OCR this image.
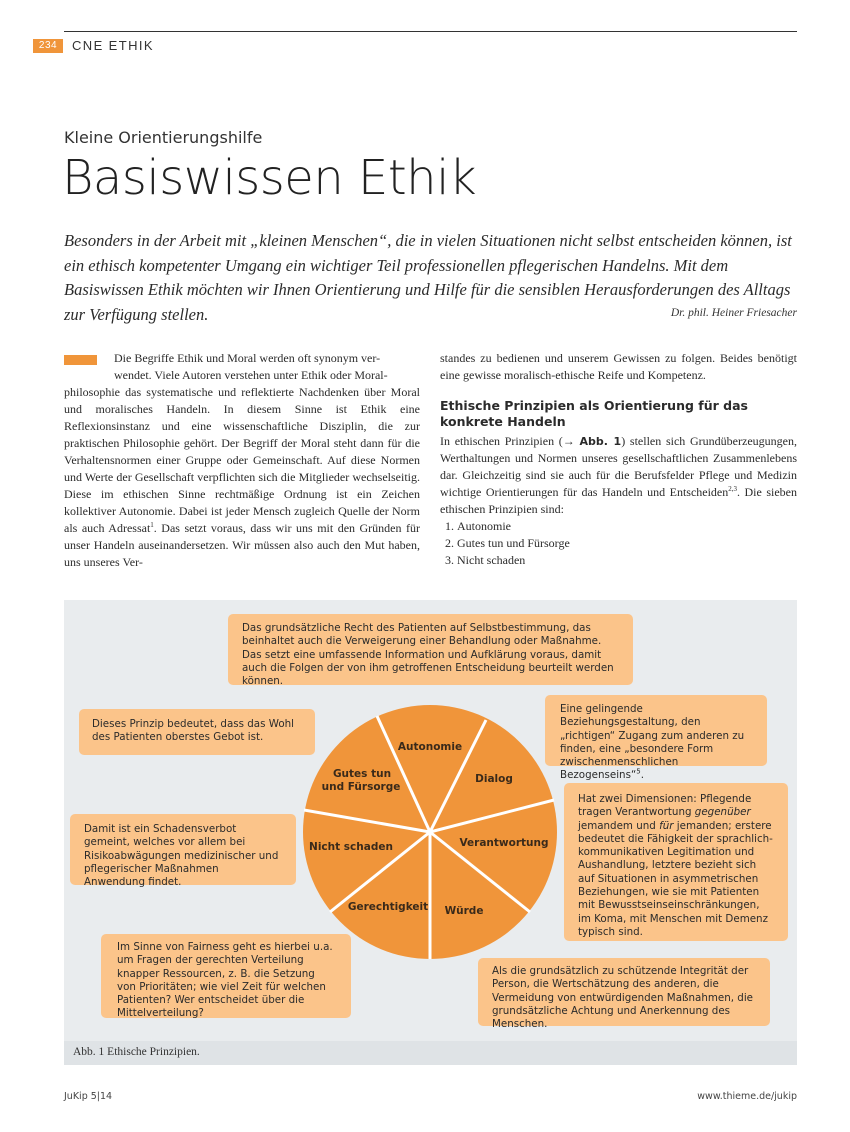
234	CNE ETHIK
Kleine Orientierungshilfe
Basiswissen Ethik
Besonders in der Arbeit mit „kleinen Menschen“, die in vielen Situationen nicht selbst entscheiden können, ist ein ethisch kompetenter Umgang ein wichtiger Teil professionellen pflegerischen Handelns. Mit dem Basiswissen Ethik möchten wir Ihnen Orientierung und Hilfe für die sensiblen Herausforderungen des Alltags zur Verfügung stellen.	Dr. phil. Heiner Friesacher
Die Begriffe Ethik und Moral werden oft synonym ver-
wendet. Viele Autoren verstehen unter Ethik oder Moral-
philosophie das systematische und reflektierte Nachdenken über Moral und moralisches Handeln. In diesem Sinne ist Ethik eine Reflexionsinstanz und eine wissenschaftliche Disziplin, die zur praktischen Philosophie gehört. Der Begriff der Moral steht dann für die Verhaltensnormen einer Gruppe oder Gemeinschaft. Auf diese Normen und Werte der Gesellschaft verpflichten sich die Mitglieder wechselseitig. Diese im ethischen Sinne rechtmäßige Ordnung ist ein Zeichen kollektiver Autonomie. Dabei ist jeder Mensch zugleich Quelle der Norm als auch Adressat$^1$. Das setzt voraus, dass wir uns mit den Gründen für unser Handeln auseinandersetzen. Wir müssen also auch den Mut haben, uns unseres Ver-
standes zu bedienen und unserem Gewissen zu folgen. Beides benötigt eine gewisse moralisch-ethische Reife und Kompetenz.
Ethische Prinzipien als Orientierung für das konkrete Handeln
In ethischen Prinzipien (→ Abb. 1) stellen sich Grundüberzeugungen, Werthaltungen und Normen unseres gesellschaftlichen Zusammenlebens dar. Gleichzeitig sind sie auch für die Berufsfelder Pflege und Medizin wichtige Orientierungen für das Handeln und Entscheiden$^{2,3}$. Die sieben ethischen Prinzipien sind:
1. Autonomie
2. Gutes tun und Fürsorge
3. Nicht schaden
Abb. 1 Ethische Prinzipien.
Das grundsätzliche Recht des Patienten auf Selbstbestimmung, das beinhaltet auch die Verweigerung einer Behandlung oder Maßnahme. Das setzt eine umfassende Information und Aufklärung voraus, damit auch die Folgen der von ihm getroffenen Entscheidung beurteilt werden können.
Eine gelingende Beziehungsgestaltung, den „richtigen“ Zugang zum anderen zu finden, eine „besondere Form zwischenmenschlichen Bezogenseins“$^5$.
Dieses Prinzip bedeutet, dass das Wohl des Patienten oberstes Gebot ist.
Hat zwei Dimensionen: Pflegende tragen Verantwortung gegenüber jemandem und für jemanden; erstere bedeutet die Fähigkeit der sprachlich-kommunikativen Legitimation und Aushandlung, letztere bezieht sich auf Situationen in asymmetrischen Beziehungen, wie sie mit Patienten mit Bewusstseinseinschränkungen, im Koma, mit Menschen mit Demenz typisch sind.
Damit ist ein Schadensverbot gemeint, welches vor allem bei Risikoabwägungen medizinischer und pflegerischer Maßnahmen Anwendung findet.
Im Sinne von Fairness geht es hierbei u.a. um Fragen der gerechten Verteilung knapper Ressourcen, z. B. die Setzung von Prioritäten; wie viel Zeit für welchen Patienten? Wer entscheidet über die Mittelverteilung?
Als die grundsätzlich zu schützende Integrität der Person, die Wertschätzung des anderen, die Vermeidung von entwürdigenden Maßnahmen, die grundsätzliche Achtung und Anerkennung des Menschen.
Autonomie
Dialog
Verantwortung
Würde
Gerechtigkeit
Nicht schaden
Gutes tun
und Fürsorge
JuKip 5|14	www.thieme.de/jukip
